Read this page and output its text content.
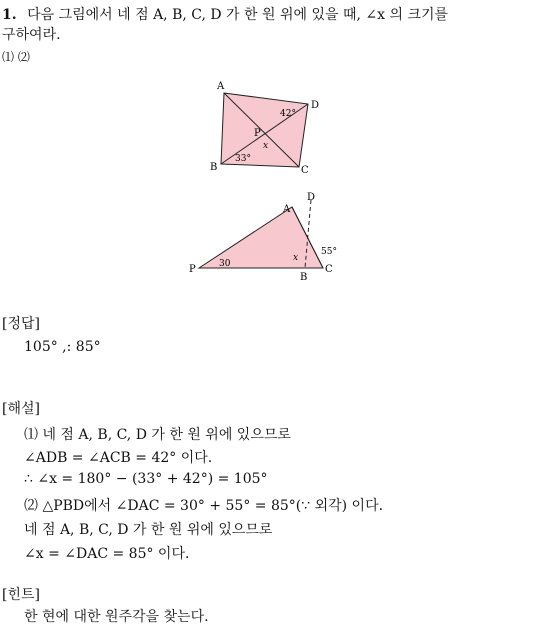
1. 다음 그림에서 네 점 A, B, C, D 가 한 원 위에 있을 때, ∠x 의 크기를
구하여라.
⑴ ⑵
A
D
B	C
P
x
42°
33°
D
A
P
B
C
30
55°
x
[정답]
105° ,: 85°
[해설]
⑴ 네 점 A, B, C, D 가 한 원 위에 있으므로
∠ADB = ∠ACB = 42° 이다.
∴ ∠x = 180° − (33° + 42°) = 105°
⑵ △PBD에서 ∠DAC = 30° + 55° = 85°(∵ 외각) 이다.
네 점 A, B, C, D 가 한 원 위에 있으므로
∠x = ∠DAC = 85° 이다.
[힌트]
한 현에 대한 원주각을 찾는다.
